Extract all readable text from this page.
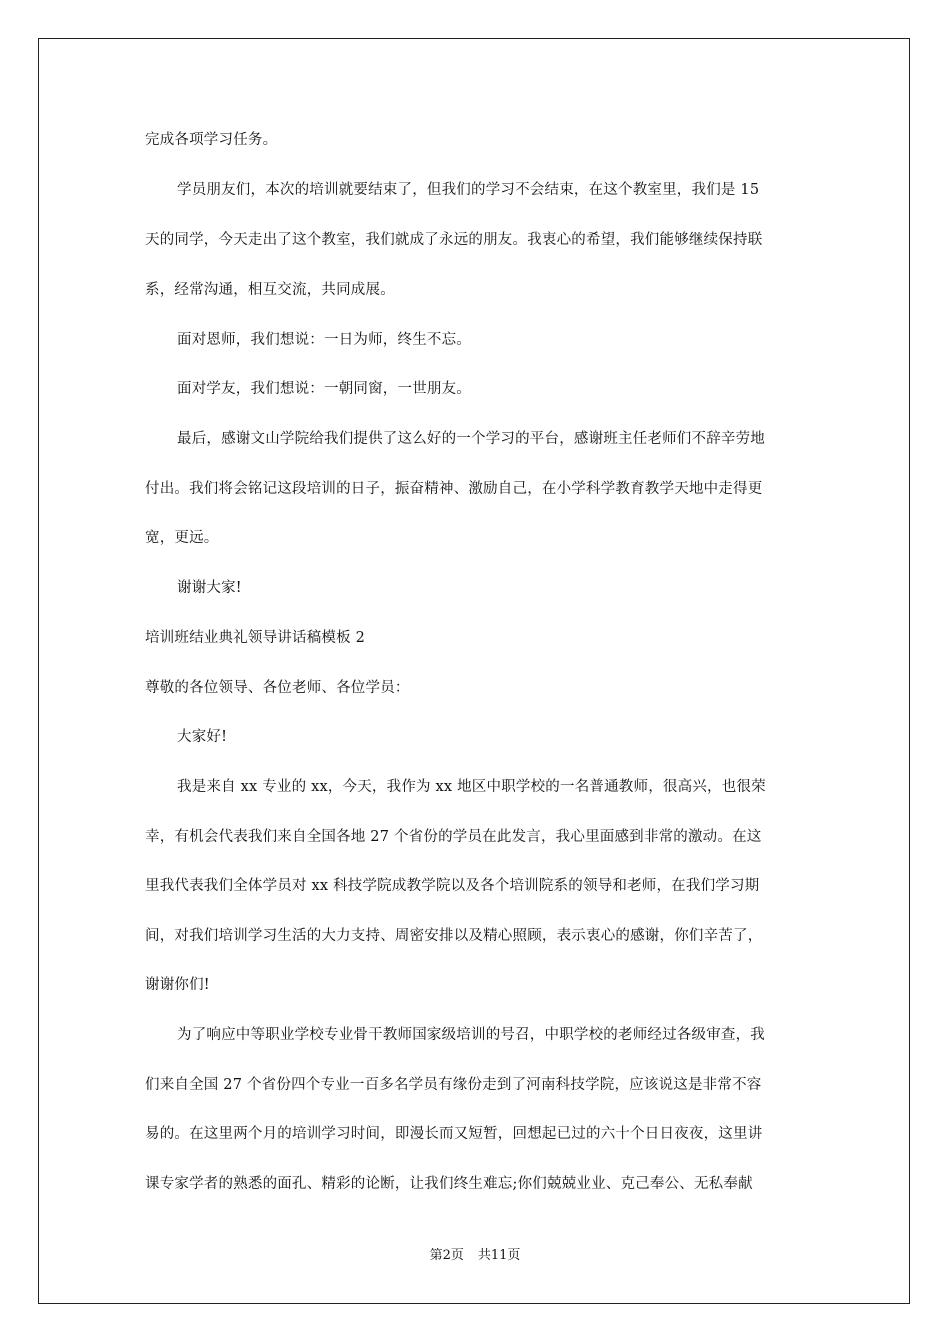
完成各项学习任务。
学员朋友们，本次的培训就要结束了，但我们的学习不会结束，在这个教室里，我们是 15
天的同学，今天走出了这个教室，我们就成了永远的朋友。我衷心的希望，我们能够继续保持联
系，经常沟通，相互交流，共同成展。
面对恩师，我们想说：一日为师，终生不忘。
面对学友，我们想说：一朝同窗，一世朋友。
最后，感谢文山学院给我们提供了这么好的一个学习的平台，感谢班主任老师们不辞辛劳地
付出。我们将会铭记这段培训的日子，振奋精神、激励自己，在小学科学教育教学天地中走得更
宽，更远。
谢谢大家!
培训班结业典礼领导讲话稿模板 2
尊敬的各位领导、各位老师、各位学员：
大家好!
我是来自 xx 专业的 xx，今天，我作为 xx 地区中职学校的一名普通教师，很高兴，也很荣
幸，有机会代表我们来自全国各地 27 个省份的学员在此发言，我心里面感到非常的激动。在这
里我代表我们全体学员对 xx 科技学院成教学院以及各个培训院系的领导和老师，在我们学习期
间，对我们培训学习生活的大力支持、周密安排以及精心照顾，表示衷心的感谢，你们辛苦了，
谢谢你们!
为了响应中等职业学校专业骨干教师国家级培训的号召，中职学校的老师经过各级审查，我
们来自全国 27 个省份四个专业一百多名学员有缘份走到了河南科技学院，应该说这是非常不容
易的。在这里两个月的培训学习时间，即漫长而又短暂，回想起已过的六十个日日夜夜，这里讲
课专家学者的熟悉的面孔、精彩的论断，让我们终生难忘;你们兢兢业业、克己奉公、无私奉献
第2页 共11页
